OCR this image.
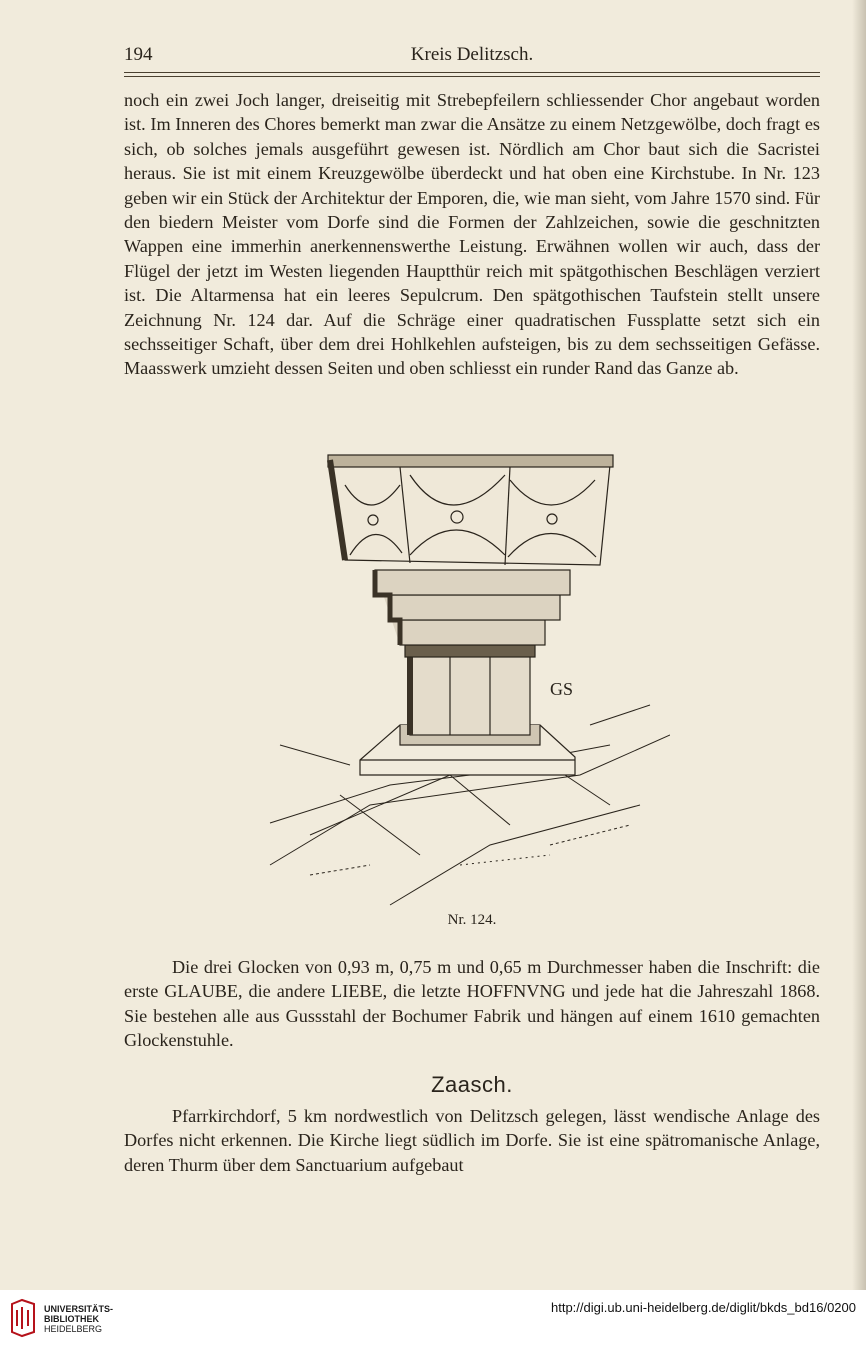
194	Kreis Delitzsch.

noch ein zwei Joch langer, dreiseitig mit Strebepfeilern schliessender Chor angebaut worden ist. Im Inneren des Chores bemerkt man zwar die Ansätze zu einem Netzgewölbe, doch fragt es sich, ob solches jemals ausgeführt gewesen ist. Nördlich am Chor baut sich die Sacristei heraus. Sie ist mit einem Kreuzgewölbe überdeckt und hat oben eine Kirchstube. In Nr. 123 geben wir ein Stück der Architektur der Emporen, die, wie man sieht, vom Jahre 1570 sind. Für den biedern Meister vom Dorfe sind die Formen der Zahlzeichen, sowie die geschnitzten Wappen eine immerhin anerkennenswerthe Leistung. Erwähnen wollen wir auch, dass der Flügel der jetzt im Westen liegenden Hauptthür reich mit spätgothischen Beschlägen verziert ist. Die Altarmensa hat ein leeres Sepulcrum. Den spätgothischen Taufstein stellt unsere Zeichnung Nr. 124 dar. Auf die Schräge einer quadratischen Fussplatte setzt sich ein sechsseitiger Schaft, über dem drei Hohlkehlen aufsteigen, bis zu dem sechsseitigen Gefässe. Maasswerk umzieht dessen Seiten und oben schliesst ein runder Rand das Ganze ab.

GS
Nr. 124.

Die drei Glocken von 0,93 m, 0,75 m und 0,65 m Durchmesser haben die Inschrift: die erste GLAUBE, die andere LIEBE, die letzte HOFFNVNG und jede hat die Jahreszahl 1868. Sie bestehen alle aus Gussstahl der Bochumer Fabrik und hängen auf einem 1610 gemachten Glockenstuhle.

Zaasch.

Pfarrkirchdorf, 5 km nordwestlich von Delitzsch gelegen, lässt wendische Anlage des Dorfes nicht erkennen. Die Kirche liegt südlich im Dorfe. Sie ist eine spätromanische Anlage, deren Thurm über dem Sanctuarium aufgebaut

UNIVERSITÄTS-
BIBLIOTHEK
HEIDELBERG
http://digi.ub.uni-heidelberg.de/diglit/bkds_bd16/0200
